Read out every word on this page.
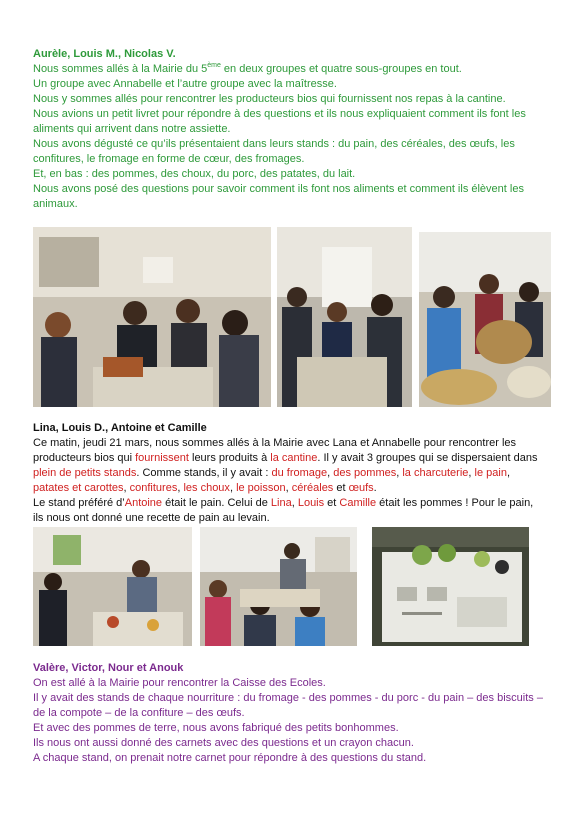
Aurèle, Louis M., Nicolas V.

Nous sommes allés à la Mairie du 5ème en deux groupes et quatre sous-groupes en tout.

Un groupe avec Annabelle et l’autre groupe avec la maîtresse.

Nous y sommes allés pour rencontrer les producteurs bios qui fournissent nos repas à la cantine.

Nous avions un petit livret pour répondre à des questions et ils nous expliquaient comment ils font les aliments qui arrivent dans notre assiette.

Nous avons dégusté ce qu’ils présentaient dans leurs stands : du pain, des céréales, des œufs, les confitures, le fromage en forme de cœur, des fromages.

Et, en bas : des pommes, des choux, du porc, des patates, du lait.

Nous avons posé des questions pour savoir comment ils font nos aliments et comment ils élèvent les animaux.

Lina, Louis D., Antoine et Camille

Ce matin, jeudi 21 mars, nous sommes allés à la Mairie avec Lana et Annabelle pour rencontrer les producteurs bios qui fournissent leurs produits à la cantine. Il y avait 3 groupes qui se dispersaient dans plein de petits stands. Comme stands, il y avait : du fromage, des pommes, la charcuterie, le pain, patates et carottes, confitures, les choux, le poisson, céréales et œufs.

Le stand préféré d’Antoine était le pain. Celui de Lina, Louis et Camille était les pommes ! Pour le pain, ils nous ont donné une recette de pain au levain.

Valère, Victor, Nour et Anouk

On est allé à la Mairie pour rencontrer la Caisse des Ecoles.

Il y avait des stands de chaque nourriture : du fromage - des pommes - du porc - du pain – des biscuits – de la compote – de la confiture – des œufs.

Et avec des pommes de terre, nous avons fabriqué des petits bonhommes.

Ils nous ont aussi donné des carnets avec des questions et un crayon chacun.

A chaque stand, on prenait notre carnet pour répondre à des questions du stand.
